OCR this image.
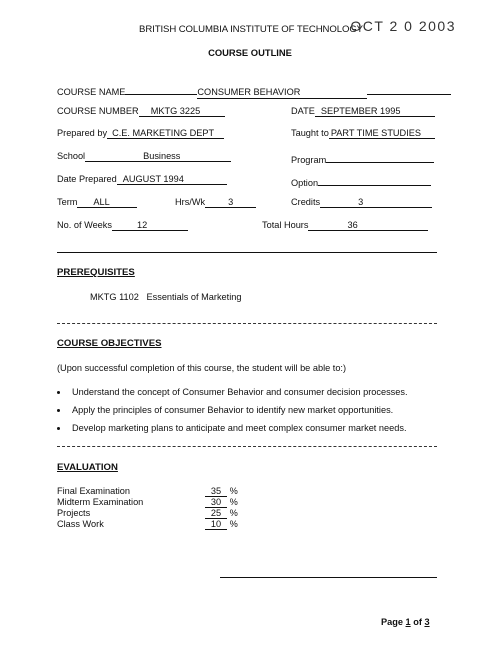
BRITISH COLUMBIA INSTITUTE OF TECHNOLOGY
OCT 2 0 2003
COURSE OUTLINE
COURSE NAME	CONSUMER BEHAVIOR
COURSE NUMBER MKTG 3225	DATE SEPTEMBER 1995
Prepared by C.E. MARKETING DEPT	Taught to PART TIME STUDIES
School	Business	Program
Date Prepared AUGUST 1994	Option
Term ALL	Hrs/Wk	3	Credits	3
No. of Weeks	12	Total Hours	36
PREREQUISITES
MKTG 1102   Essentials of Marketing
COURSE OBJECTIVES
(Upon successful completion of this course, the student will be able to:)
Understand the concept of Consumer Behavior and consumer decision processes.
Apply the principles of consumer Behavior to identify new market opportunities.
Develop marketing plans to anticipate and meet complex consumer market needs.
EVALUATION
Final Examination	35 %
Midterm Examination	30 %
Projects	25 %
Class Work	10 %
Page 1 of 3
